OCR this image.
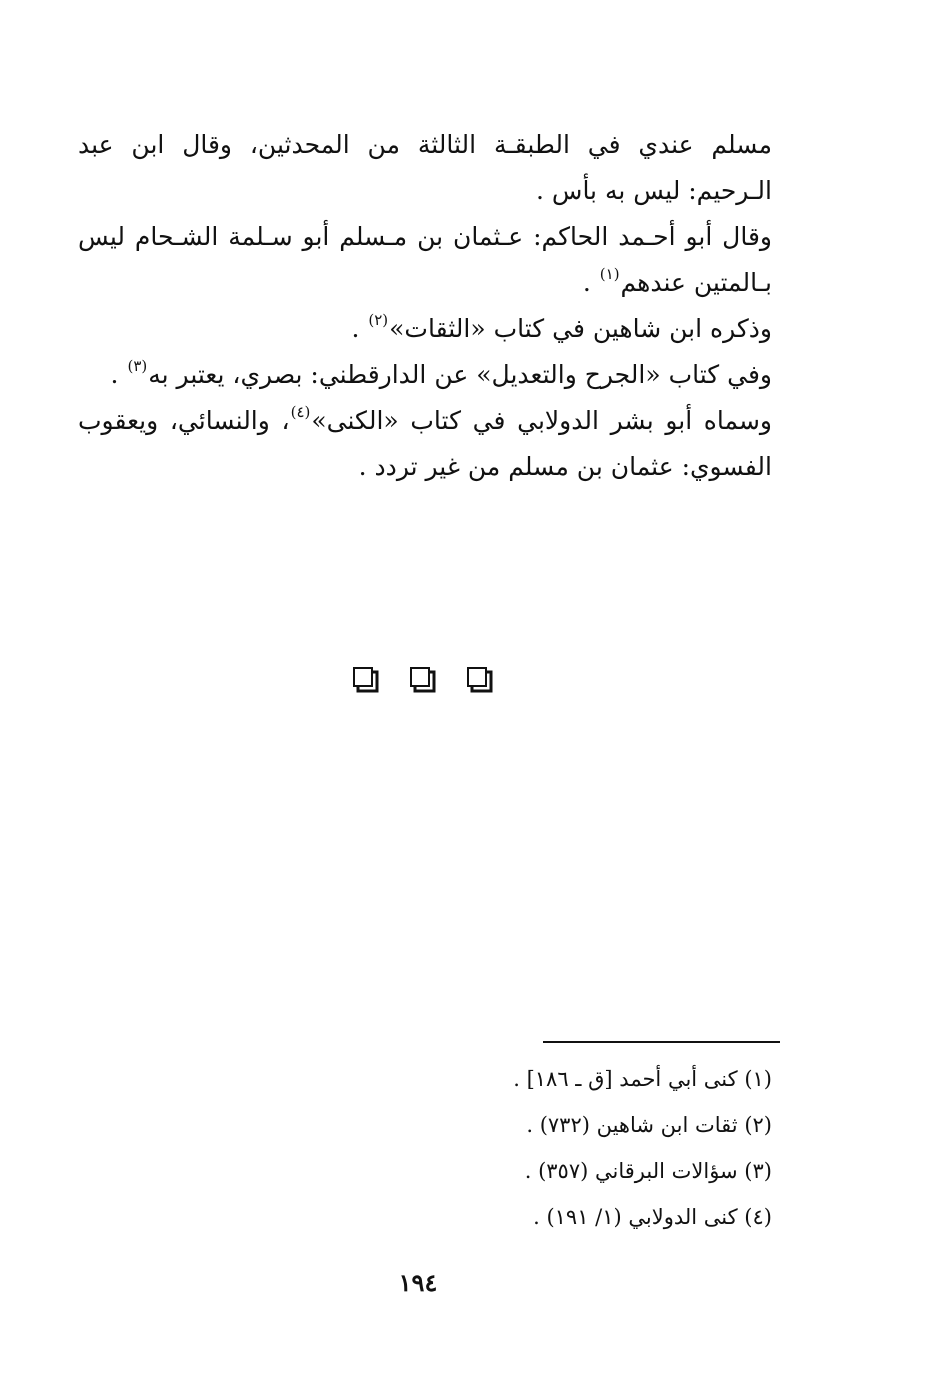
مسلم عندي في الطبقـة الثالثة من المحدثين، وقال ابن عبد الـرحيم: ليس به بأس .

وقال أبو أحـمد الحاكم: عـثمان بن مـسلم أبو سـلمة الشـحام ليس بـالمتين عندهم$^{(١)}$ .

وذكره ابن شاهين في كتاب «الثقات»$^{(٢)}$ .

وفي كتاب «الجرح والتعديل» عن الدارقطني: بصري، يعتبر به$^{(٣)}$ .

وسماه أبو بشر الدولابي في كتاب «الكنى»$^{(٤)}$، والنسائي، ويعقوب الفسوي: عثمان بن مسلم من غير تردد .

(١) كنى أبي أحمد [ق ـ ١٨٦] .

(٢) ثقات ابن شاهين (٧٣٢) .

(٣) سؤالات البرقاني (٣٥٧) .

(٤) كنى الدولابي (١/ ١٩١) .

١٩٤
